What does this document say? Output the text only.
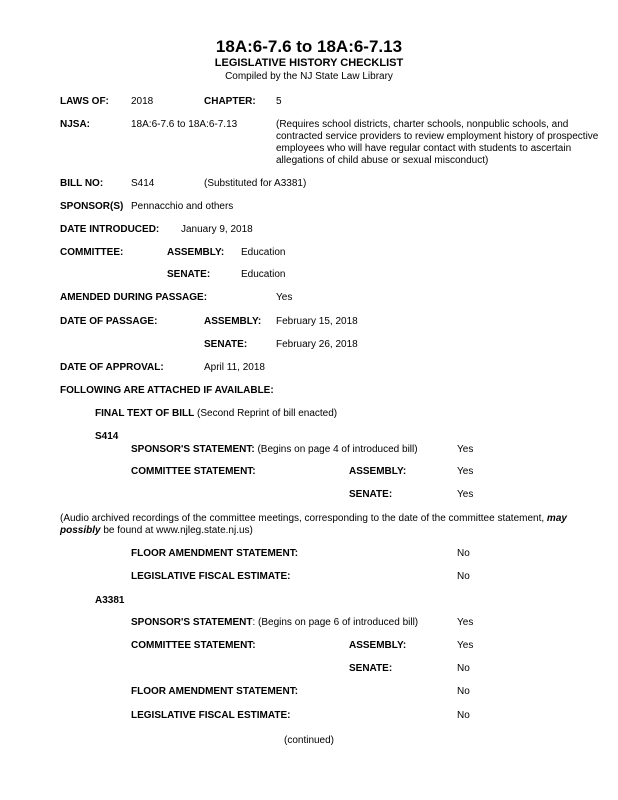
18A:6-7.6 to 18A:6-7.13
LEGISLATIVE HISTORY CHECKLIST
Compiled by the NJ State Law Library
LAWS OF: 2018	CHAPTER: 5
NJSA:	18A:6-7.6 to 18A:6-7.13	(Requires school districts, charter schools, nonpublic schools, and contracted service providers to review employment history of prospective employees who will have regular contact with students to ascertain allegations of child abuse or sexual misconduct)
BILL NO:	S414	(Substituted for A3381)
SPONSOR(S) Pennacchio and others
DATE INTRODUCED: January 9, 2018
COMMITTEE:	ASSEMBLY: Education
SENATE:	Education
AMENDED DURING PASSAGE:	Yes
DATE OF PASSAGE:	ASSEMBLY: February 15, 2018
SENATE:	February 26, 2018
DATE OF APPROVAL:	April 11, 2018
FOLLOWING ARE ATTACHED IF AVAILABLE:
FINAL TEXT OF BILL (Second Reprint of bill enacted)
S414
SPONSOR'S STATEMENT: (Begins on page 4 of introduced bill)	Yes
COMMITTEE STATEMENT:	ASSEMBLY:	Yes
SENATE:	Yes
(Audio archived recordings of the committee meetings, corresponding to the date of the committee statement, may possibly be found at www.njleg.state.nj.us)
FLOOR AMENDMENT STATEMENT:	No
LEGISLATIVE FISCAL ESTIMATE:	No
A3381
SPONSOR'S STATEMENT: (Begins on page 6 of introduced bill)	Yes
COMMITTEE STATEMENT:	ASSEMBLY:	Yes
SENATE:	No
FLOOR AMENDMENT STATEMENT:	No
LEGISLATIVE FISCAL ESTIMATE:	No
(continued)
